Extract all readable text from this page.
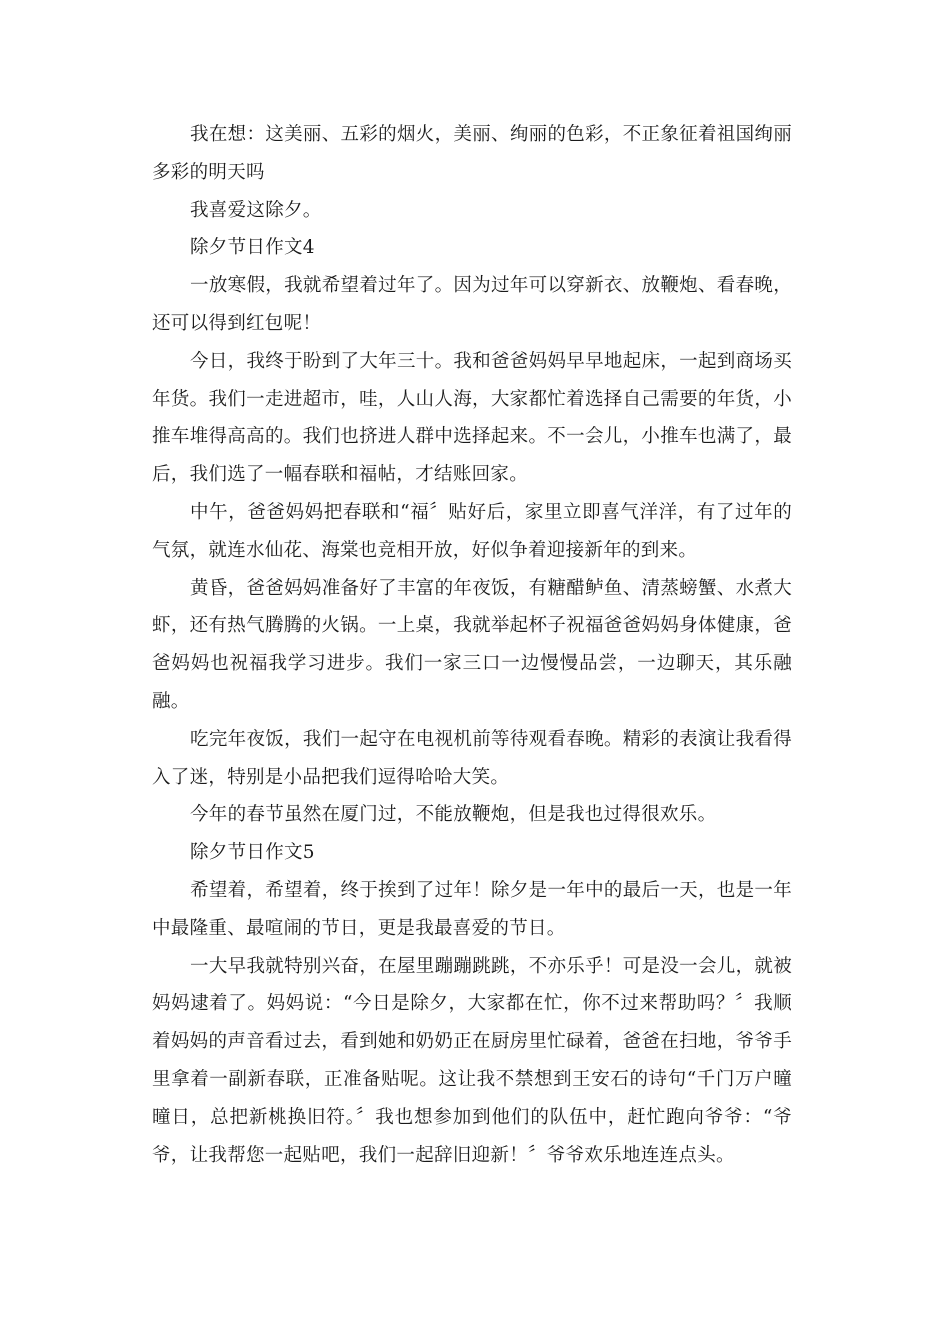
我在想：这美丽、五彩的烟火，美丽、绚丽的色彩，不正象征着祖国绚丽多彩的明天吗

我喜爱这除夕。

除夕节日作文4

一放寒假，我就希望着过年了。因为过年可以穿新衣、放鞭炮、看春晚，还可以得到红包呢！

今日，我终于盼到了大年三十。我和爸爸妈妈早早地起床，一起到商场买年货。我们一走进超市，哇，人山人海，大家都忙着选择自己需要的年货，小推车堆得高高的。我们也挤进人群中选择起来。不一会儿，小推车也满了，最后，我们选了一幅春联和福帖，才结账回家。

中午，爸爸妈妈把春联和“福〞贴好后，家里立即喜气洋洋，有了过年的气氛，就连水仙花、海棠也竞相开放，好似争着迎接新年的到来。

黄昏，爸爸妈妈准备好了丰富的年夜饭，有糖醋鲈鱼、清蒸螃蟹、水煮大虾，还有热气腾腾的火锅。一上桌，我就举起杯子祝福爸爸妈妈身体健康，爸爸妈妈也祝福我学习进步。我们一家三口一边慢慢品尝，一边聊天，其乐融融。

吃完年夜饭，我们一起守在电视机前等待观看春晚。精彩的表演让我看得入了迷，特别是小品把我们逗得哈哈大笑。

今年的春节虽然在厦门过，不能放鞭炮，但是我也过得很欢乐。

除夕节日作文5

希望着，希望着，终于挨到了过年！除夕是一年中的最后一天，也是一年中最隆重、最喧闹的节日，更是我最喜爱的节日。

一大早我就特别兴奋，在屋里蹦蹦跳跳，不亦乐乎！可是没一会儿，就被妈妈逮着了。妈妈说：“今日是除夕，大家都在忙，你不过来帮助吗？〞我顺着妈妈的声音看过去，看到她和奶奶正在厨房里忙碌着，爸爸在扫地，爷爷手里拿着一副新春联，正准备贴呢。这让我不禁想到王安石的诗句“千门万户曈曈日，总把新桃换旧符。〞我也想参加到他们的队伍中，赶忙跑向爷爷：“爷爷，让我帮您一起贴吧，我们一起辞旧迎新！〞爷爷欢乐地连连点头。
